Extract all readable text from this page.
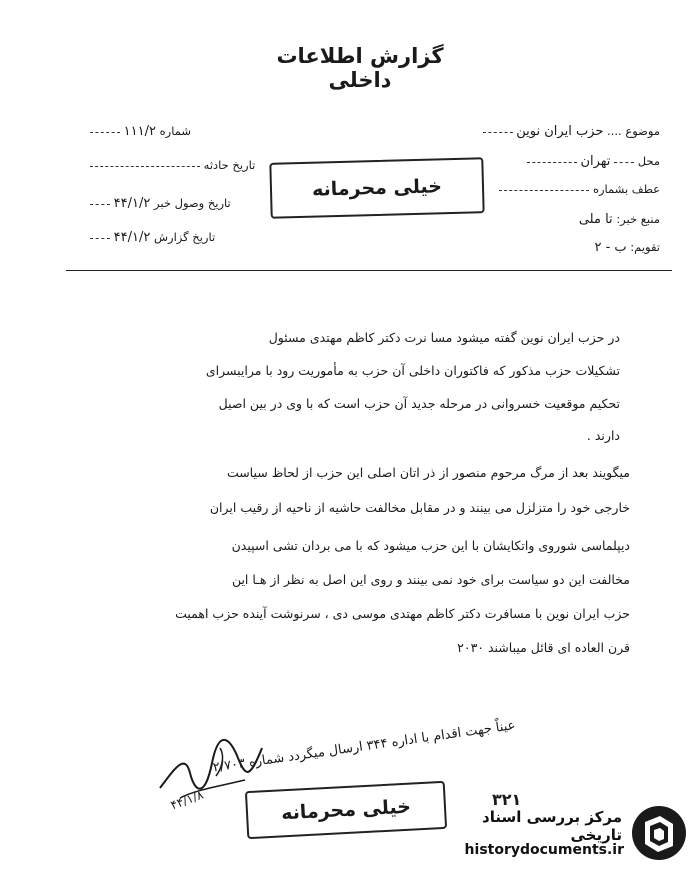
گزارش اطلاعات داخلی
موضوع .... حزب ایران نوین
محل  تهران
عطف بشماره
منبع خبر: تا ملی
تقویم: ب - ۲
شماره ۱۱۱/۲
تاریخ حادثه
تاریخ وصول خبر ۴۴/۱/۲
تاریخ گزارش ۴۴/۱/۲
خیلی محرمانه
در حزب ایران نوین گفته میشود مسا نرت دکتر کاظم مهتدی مسئول
تشکیلات حزب مذکور که فاکتوران داخلی آن حزب به مأموریت رود با مرایبسرای
تحکیم موقعیت خسروانی در مرحله جدید آن حزب است که با وی در بین اصیل
دارند .
میگویند بعد از مرگ مرحوم منصور از ذر اتان اصلی این حزب از لحاظ سیاست
خارجی خود را متزلزل می بینند و در مقابل مخالفت حاشیه از ناحیه از رقیب ایران
دیپلماسی شوروی واتکایشان با این حزب میشود که با می بردان تشی اسپیدن
مخالفت این دو سیاست برای خود نمی بینند و روی این اصل به نظر از هـا این
حزب ایران نوین با مسافرت دکتر کاظم مهتدی موسی دی ، سرنوشت آینده حزب اهمیت
قرن العاده ای قائل میباشند ۲۰۳۰
عیناً جهت اقدام با اداره ۳۴۴ ارسال میگردد شماره ۲/۷۰۳
۴۴/۱/۸	خیلی محرمانه	۳۲۱
مرکز بررسی اسناد تاریخی
historydocuments.ir
